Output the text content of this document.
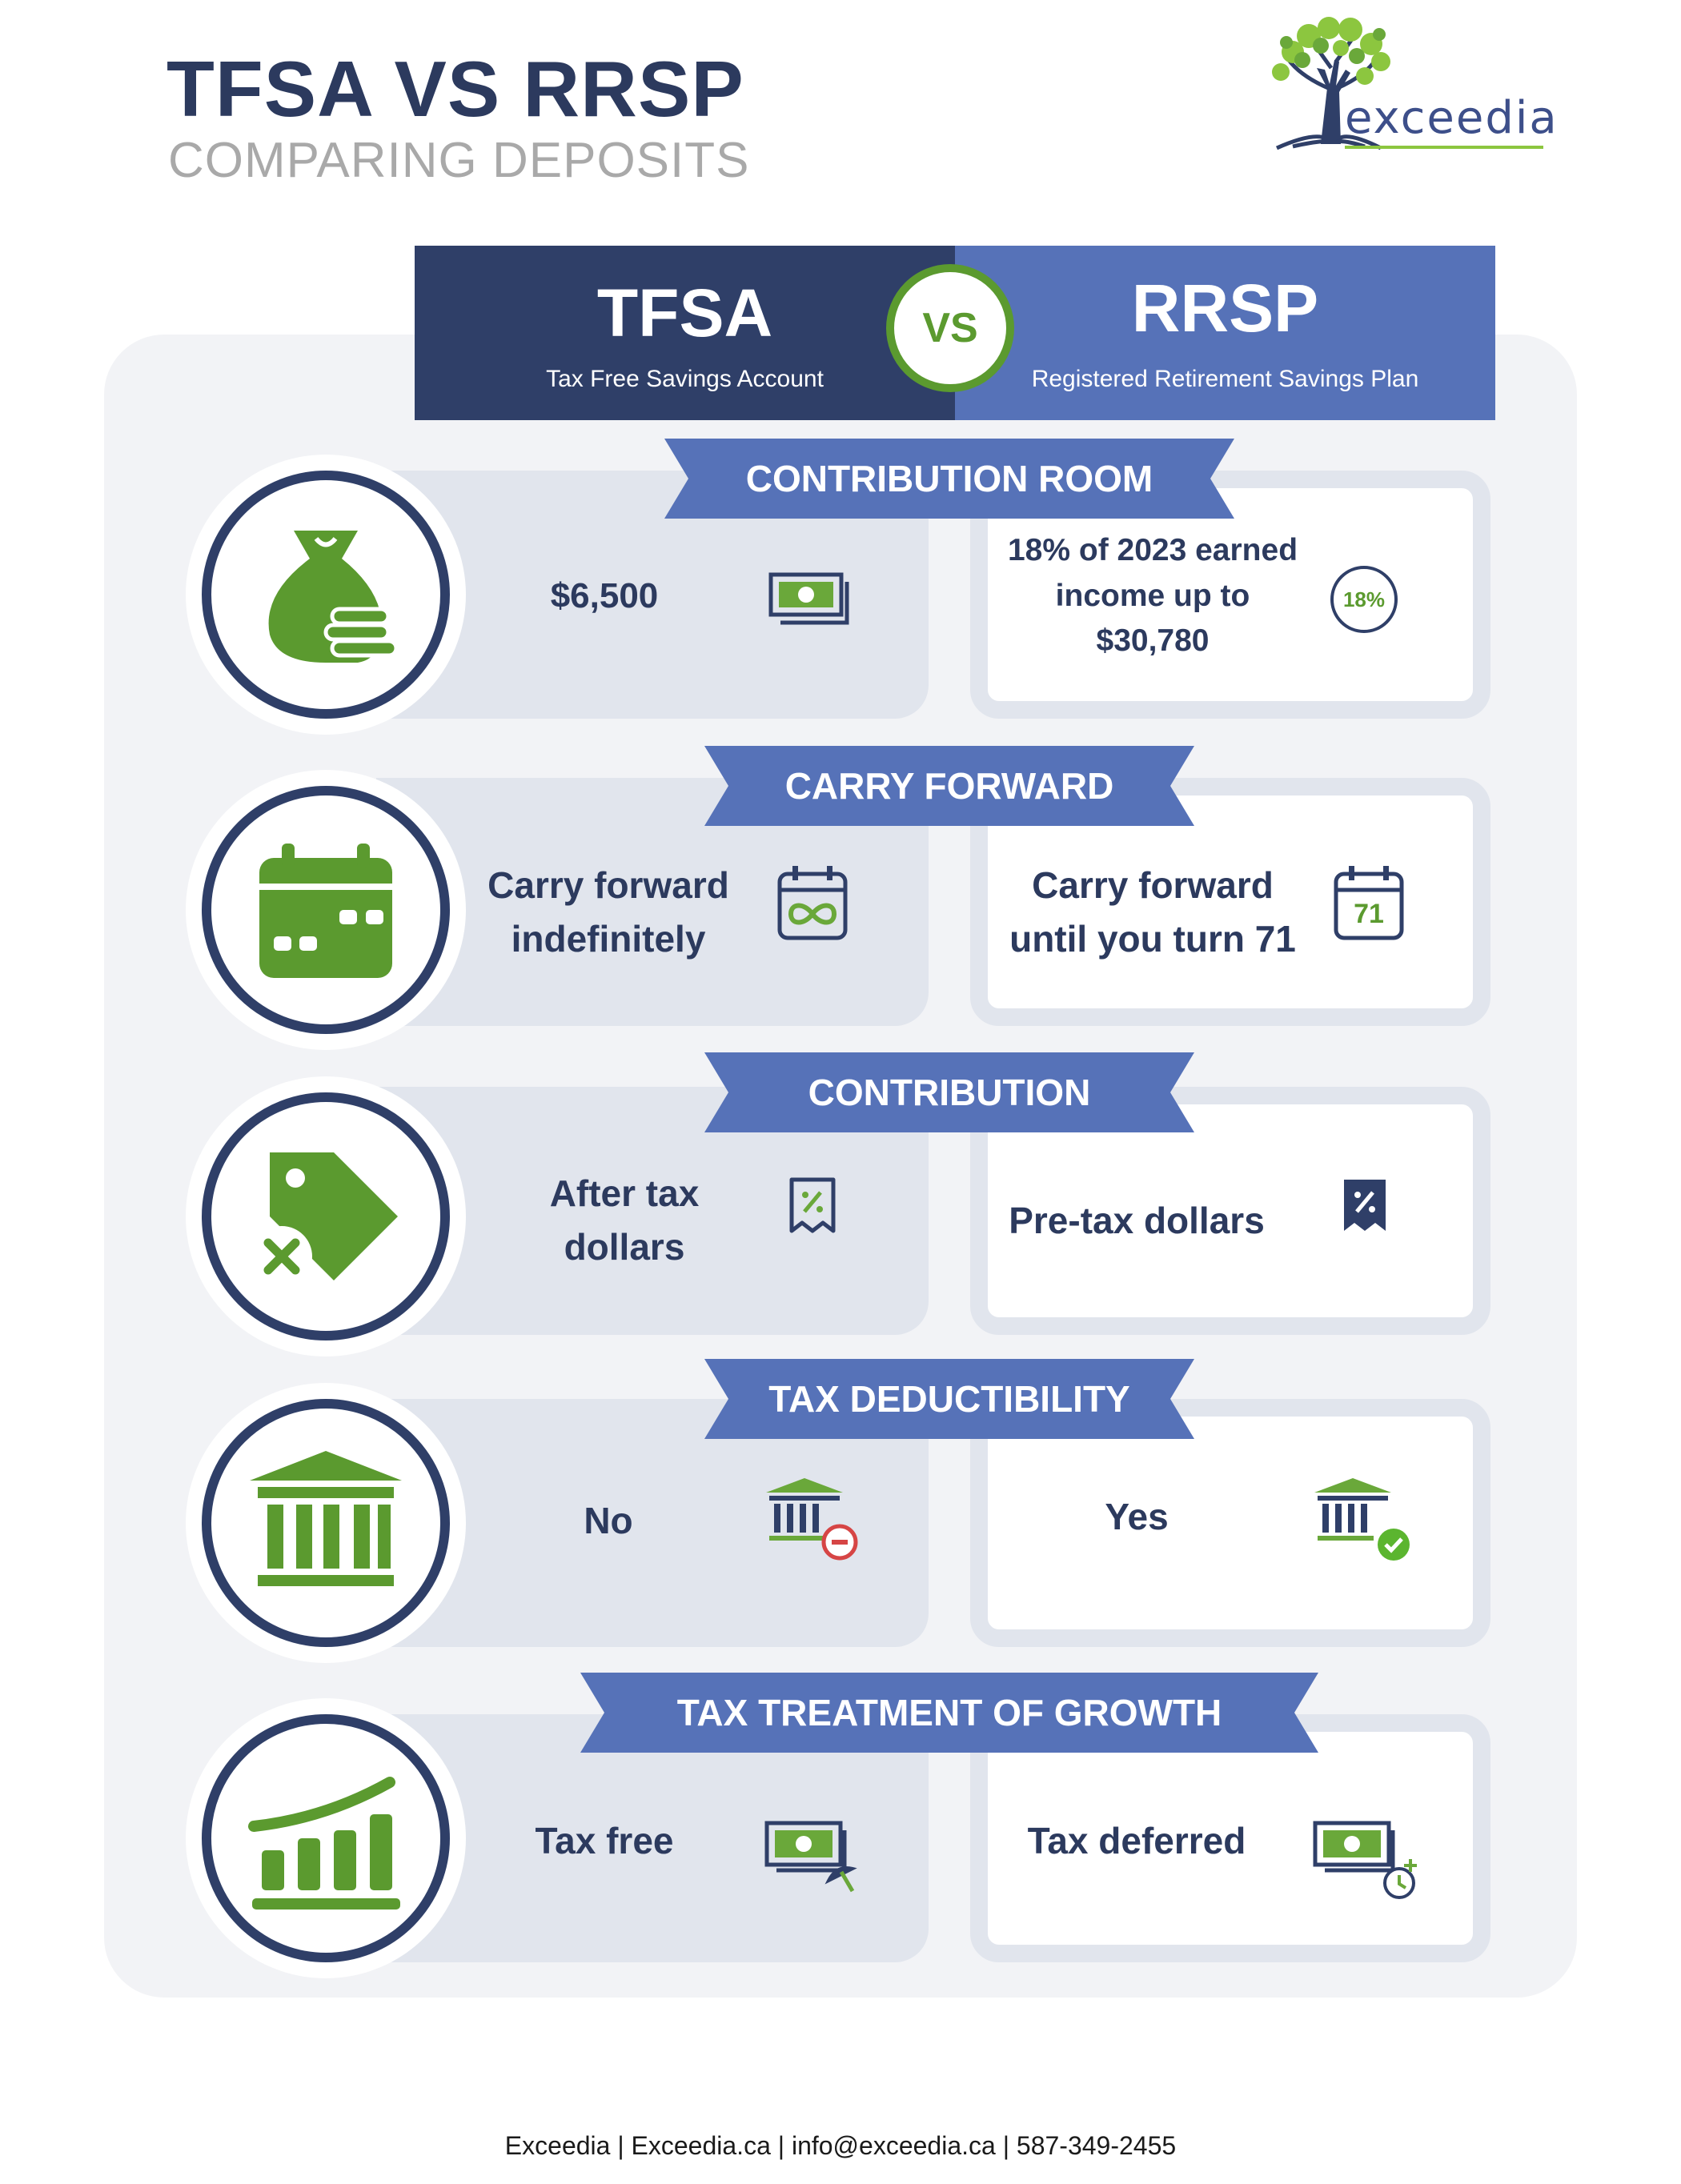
TFSA VS RRSP
COMPARING DEPOSITS
exceedia
TFSA
Tax Free Savings Account
RRSP
Registered Retirement Savings Plan
VS
CONTRIBUTION ROOM
$6,500
18% of 2023 earned income up to $30,780
18%
CARRY FORWARD
Carry forward indefinitely
Carry forward until you turn 71
71
CONTRIBUTION
After tax dollars
Pre-tax dollars
TAX DEDUCTIBILITY
No	Yes
TAX TREATMENT OF GROWTH
Tax free	Tax deferred
Exceedia | Exceedia.ca | info@exceedia.ca | 587-349-2455
